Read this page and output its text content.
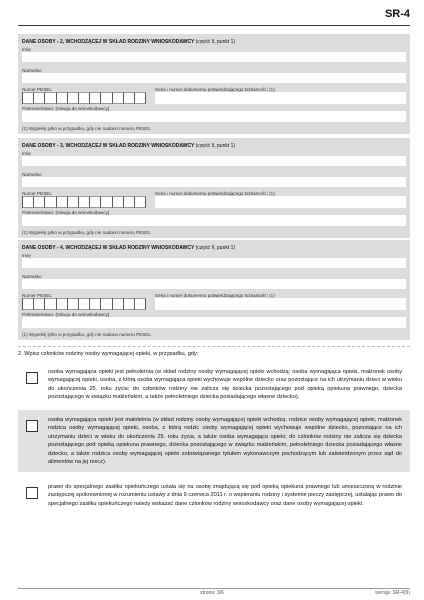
SR-4
DANE OSOBY - 2, WCHODZĄCEJ W SKŁAD RODZINY WNIOSKODAWCY (część II, punkt 1)
Imię
Nazwisko
Numer PESEL	Seria i numer dokumentu potwierdzającego tożsamość: (1)
Pokrewieństwo: (relacja do wnioskodawcy)
(1) Wypełnij tylko w przypadku, gdy nie nadano numeru PESEL
DANE OSOBY - 3, WCHODZĄCEJ W SKŁAD RODZINY WNIOSKODAWCY (część II, punkt 1)
Imię
Nazwisko
Numer PESEL	Seria i numer dokumentu potwierdzającego tożsamość: (1)
Pokrewieństwo: (relacja do wnioskodawcy)
(1) Wypełnij tylko w przypadku, gdy nie nadano numeru PESEL
DANE OSOBY - 4, WCHODZĄCEJ W SKŁAD RODZINY WNIOSKODAWCY (część II, punkt 1)
Imię
Nazwisko
Numer PESEL	Seria i numer dokumentu potwierdzającego tożsamość: (1)
Pokrewieństwo: (relacja do wnioskodawcy)
(1) Wypełnij tylko w przypadku, gdy nie nadano numeru PESEL
2. Wpisz członków rodziny osoby wymagającej opieki, w przypadku, gdy:
osoba wymagająca opieki jest pełnoletnia (w skład rodziny osoby wymagającej opieki wchodzą: osoba wymagająca opieki, małżonek osoby wymagającej opieki, osoba, z którą osoba wymagająca opieki wychowuje wspólne dziecko oraz pozostające na ich utrzymaniu dzieci w wieku do ukończenia 25. roku życia; do członków rodziny nie zalicza się dziecka pozostającego pod opieką opiekuna prawnego, dziecka pozostającego w związku małżeńskim, a także pełnoletniego dziecka posiadającego własne dziecko).
osoba wymagająca opieki jest małoletnia (w skład rodziny osoby wymagającej opieki wchodzą: rodzice osoby wymagającej opieki, małżonek rodzica osoby wymagającej opieki, osoba, z którą rodzic osoby wymagającej opieki wychowuje wspólne dziecko, pozostające na ich utrzymaniu dzieci w wieku do ukończenia 25. roku życia, a także osoba wymagająca opieki; do członków rodziny nie zalicza się dziecka pozostającego pod opieką opiekuna prawnego, dziecka pozostającego w związku małżeńskim, pełnoletniego dziecka posiadającego własne dziecko, a także rodzica osoby wymagającej opieki zobowiązanego tytułem wykonawczym pochodzącym lub zatwierdzonym przez sąd do alimentów na jej rzecz).
prawo do specjalnego zasiłku opiekuńczego ustala się na osobę znajdującą się pod opieką opiekuna prawnego lub umieszczoną w rodzinie zastępczej spokrewnionej w rozumieniu ustawy z dnia 9 czerwca 2011 r. o wspieraniu rodziny i systemie pieczy zastępczej, ustalając prawo do specjalnego zasiłku opiekuńczego należy wskazać dane członków rodziny wnioskodawcy oraz dane osoby wymagającej opieki.
strona: 3/6	wersja: SR-4(9)
